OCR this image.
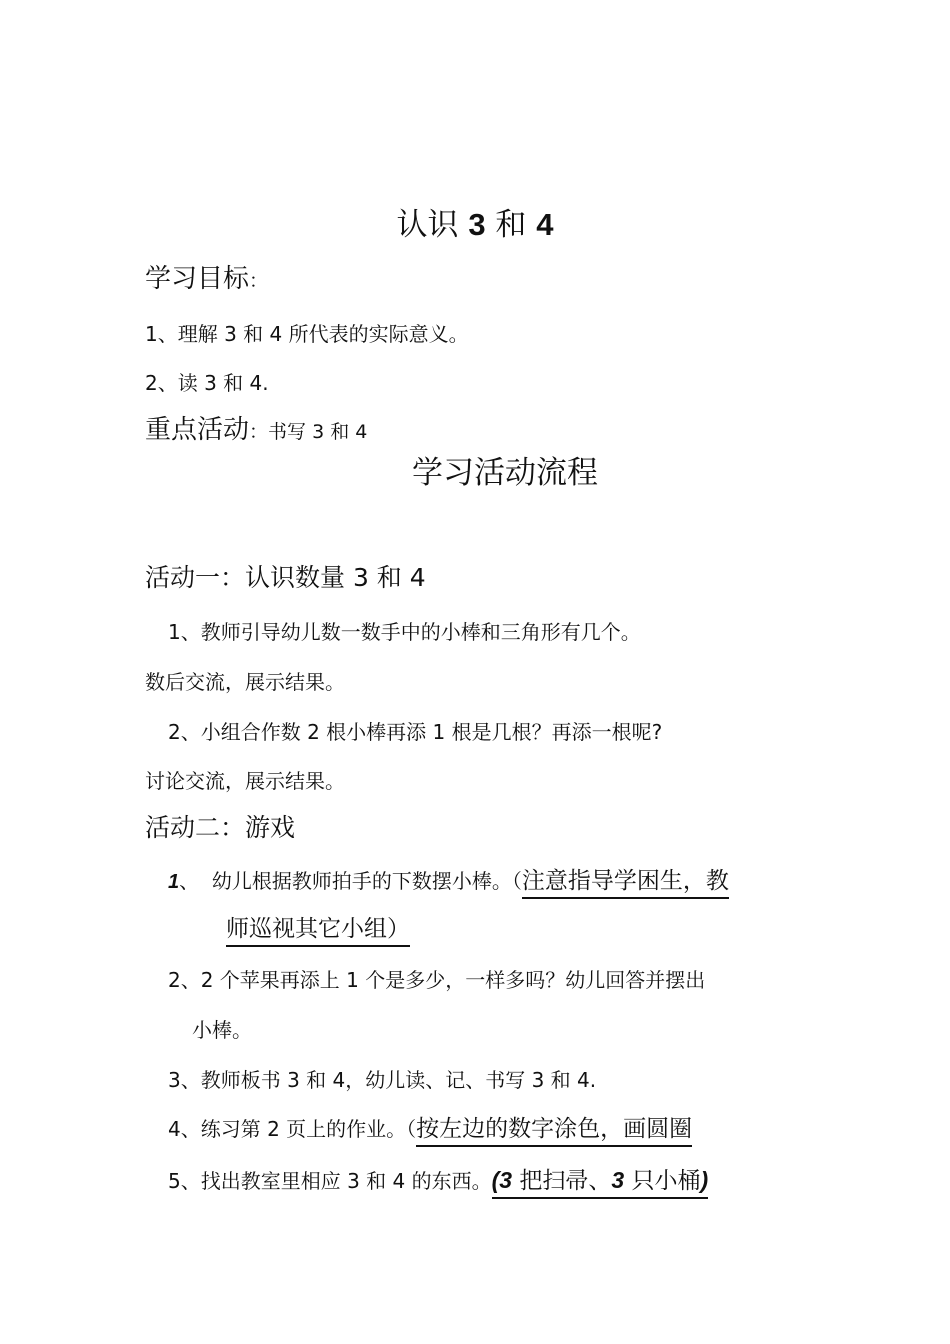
认识 3 和 4
学习目标：
1、理解 3 和 4 所代表的实际意义。
2、读 3 和 4.
重点活动：书写 3 和 4
学习活动流程
活动一：认识数量 3 和 4
1、教师引导幼儿数一数手中的小棒和三角形有几个。
数后交流，展示结果。
2、小组合作数 2 根小棒再添 1 根是几根？再添一根呢?
讨论交流，展示结果。
活动二：游戏
1、 幼儿根据教师拍手的下数摆小棒。（注意指导学困生，教
师巡视其它小组）
2、2 个苹果再添上 1 个是多少，一样多吗？幼儿回答并摆出
小棒。
3、教师板书 3 和 4，幼儿读、记、书写 3 和 4.
4、练习第 2 页上的作业。（按左边的数字涂色，画圆圈
5、找出教室里相应 3 和 4 的东西。(3 把扫帚、3 只小桶)
